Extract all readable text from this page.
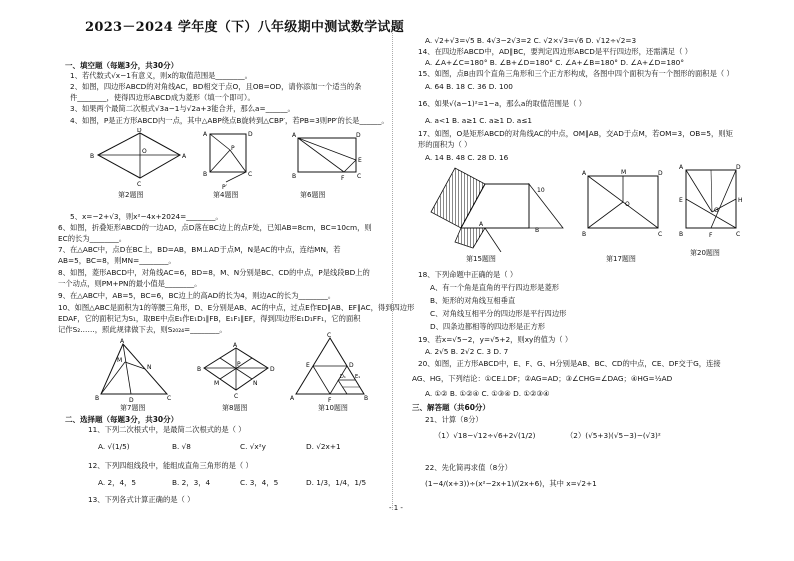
2023－2024 学年度（下）八年级期中测试数学试题
一、填空题（每题3分，共30分）
1、若代数式√x−1有意义，则x的取值范围是________。
2、如图，四边形ABCD的对角线AC，BD相交于点O，且OB=OD，请你添加一个适当的条
件________，使得四边形ABCD成为菱形（填一个即可）。
3、如果两个最简二次根式√3a−1与√2a+3能合并，那么a=______。
4、如图，P是正方形ABCD内一点，其中△ABP绕点B旋转到△CBP′，若PB=3则PP′的长是______。
D
B	A
O
C
第2题图
A
B	C
D
P
P′
第4题图
A	D
B	F C
E
第6题图
5、x=−2+√3，则x²−4x+2024=________。
6、如图，折叠矩形ABCD的一边AD，点D落在BC边上的点F处，已知AB=8cm，BC=10cm，则
EC的长为________。
7、在△ABC中，点D在BC上，BD=AB，BM⊥AD于点M，N是AC的中点，连结MN，若
AB=5，BC=8，则MN=________。
8、如图，菱形ABCD中，对角线AC=6，BD=8，M、N分别是BC、CD的中点，P是线段BD上的
一个动点，则PM+PN的最小值是________。
9、在△ABC中，AB=5，BC=6，BC边上的高AD的长为4，则边AC的长为________。
10、如图△ABC是面积为1的等腰三角形，D、E分别是AB、AC的中点，过点E作ED∥AB、EF∥AC，得到四边形
EDAF，它的面积记为S₁，取BE中点E₁作E₁D₁∥FB，E₁F₁∥EF，得到四边形E₁D₁FF₁，它的面积
记作S₂……，照此规律做下去，则S₂₀₂₄=________。
A
B	C
D
M
N
第7题图
A
B	D
C
P
M	N
第8题图
C
A	B
E	D
F
D₁ E₁
第10题图
二、选择题（每题3分，共30分）
11、下列二次根式中，是最简二次根式的是（ ）
A. √(1/5)	B. √8	C. √x²y	D. √2x+1
12、下列四组线段中，能组成直角三角形的是（ ）
A. 2，4，5	B. 2，3，4	C. 3，4，5	D. 1/3，1/4，1/5
13、下列各式计算正确的是（ ）
A. √2+√3=√5 B. 4√3−2√3=2 C. √2×√3=√6 D. √12÷√2=3
14、在四边形ABCD中，AD∥BC，要判定四边形ABCD是平行四边形，还需满足（ ）
A. ∠A+∠C=180° B. ∠B+∠D=180° C. ∠A+∠B=180° D. ∠A+∠D=180°
15、如图，点B由四个直角三角形和三个正方形构成，各图中四个面积为有一个图形的面积是（ ）
A. 64 B. 18 C. 36 D. 100
16、如果√(a−1)²=1−a，那么a的取值范围是（ ）
A. a<1 B. a≥1 C. a≥1 D. a≤1
17、如图，O是矩形ABCD的对角线AC的中点，OM∥AB，交AD于点M，若OM=3，OB=5，则矩
形的面积为（ ）
A. 14 B. 48 C. 28 D. 16
10
B
A
第15题图
A	M	D
O
B	C
第17题图
A	D
E	H
G
B	F	C
第20题图
18、下列命题中正确的是（ ）
A、有一个角是直角的平行四边形是菱形
B、矩形的对角线互相垂直
C、对角线互相平分的四边形是平行四边形
D、四条边都相等的四边形是正方形
19、若x=√5−2，y=√5+2，则xy的值为（ ）
A. 2√5 B. 2√2 C. 3 D. 7
20、如图，正方形ABCD中，E、F、G、H分别是AB、BC、CD的中点，CE、DF交于G，连接
AG、HG，下列结论：①CE⊥DF；②AG=AD；③∠CHG=∠DAG；④HG=½AD
A. ①② B. ①②④ C. ①③④ D. ①②③④
三、解答题（共60分）
21、计算（8分）
（1）√18−√12÷√6+2√(1/2)	（2）(√5+3)(√5−3)−(√3)²
22、先化简再求值（8分）
(1−4/(x+3))÷(x²−2x+1)/(2x+6)，其中 x=√2+1
- 1 -
